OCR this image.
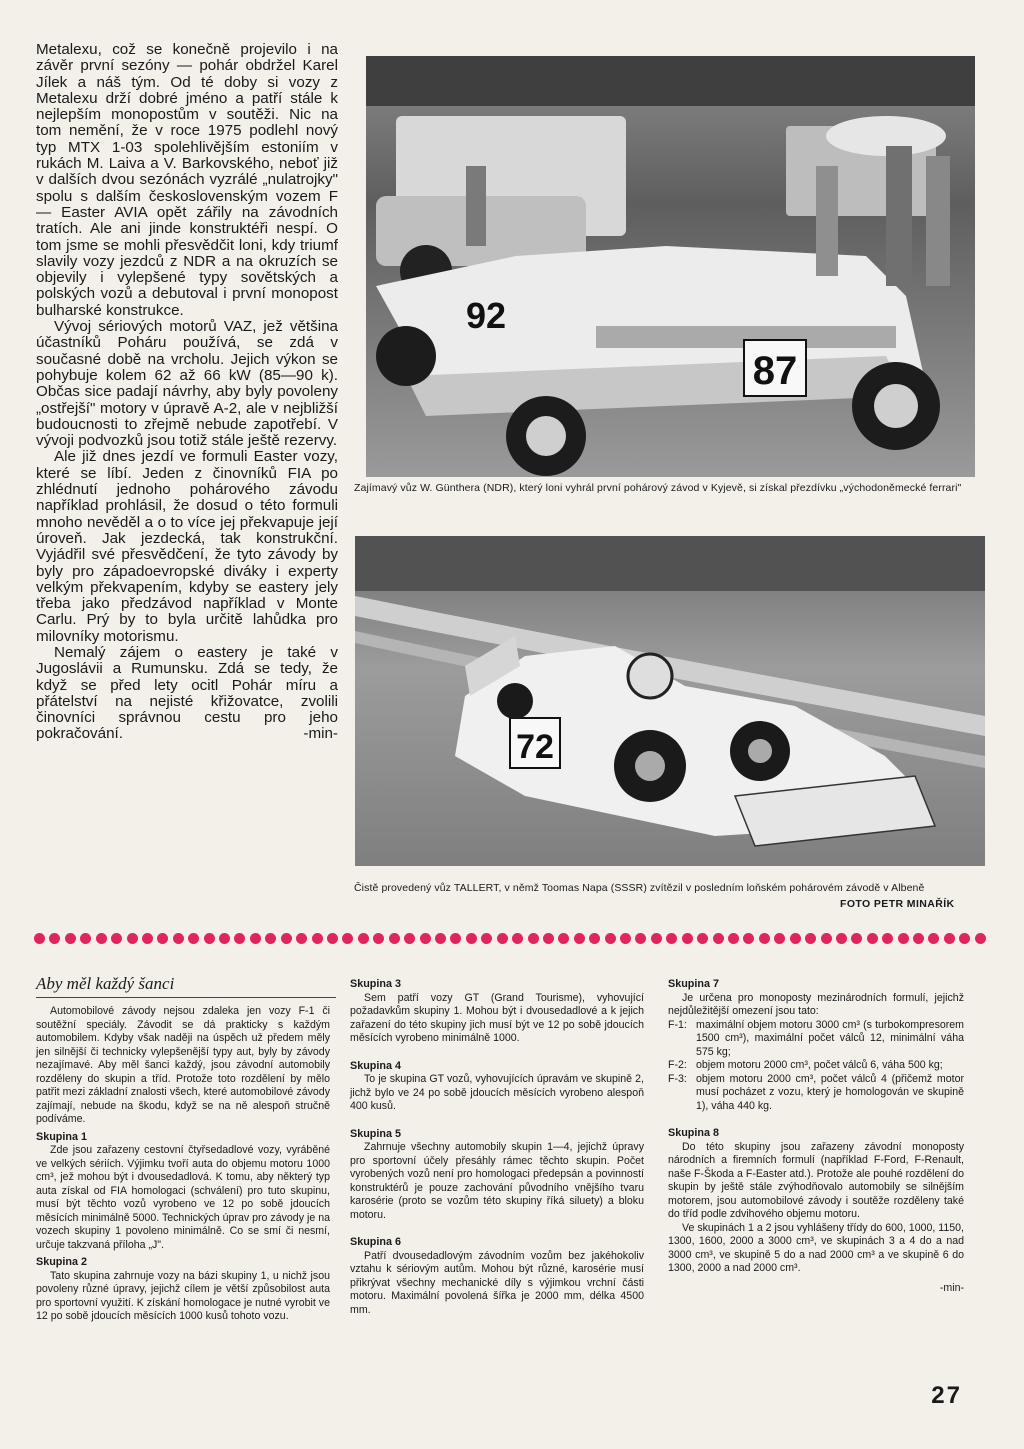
Metalexu, což se konečně projevilo i na závěr první sezóny — pohár obdržel Karel Jílek a náš tým. Od té doby si vozy z Metalexu drží dobré jméno a patří stále k nejlepším monopostům v soutěži. Nic na tom nemění, že v roce 1975 podlehl nový typ MTX 1-03 spolehlivějším estoniím v rukách M. Laiva a V. Barkovského, neboť již v dalších dvou sezónách vyzrálé „nulatrojky" spolu s dalším československým vozem F — Easter AVIA opět zářily na závodních tratích. Ale ani jinde konstruktéři nespí. O tom jsme se mohli přesvědčit loni, kdy triumf slavily vozy jezdců z NDR a na okruzích se objevily i vylepšené typy sovětských a polských vozů a debutoval i první monopost bulharské konstrukce.

Vývoj sériových motorů VAZ, jež většina účastníků Poháru používá, se zdá v současné době na vrcholu. Jejich výkon se pohybuje kolem 62 až 66 kW (85—90 k). Občas sice padají návrhy, aby byly povoleny „ostřejší" motory v úpravě A-2, ale v nejbližší budoucnosti to zřejmě nebude zapotřebí. V vývoji podvozků jsou totiž stále ještě rezervy.

Ale již dnes jezdí ve formuli Easter vozy, které se líbí. Jeden z činovníků FIA po zhlédnutí jednoho pohárového závodu například prohlásil, že dosud o této formuli mnoho nevěděl a o to více jej překvapuje její úroveň. Jak jezdecká, tak konstrukční. Vyjádřil své přesvědčení, že tyto závody by byly pro západoevropské diváky i experty velkým překvapením, kdyby se eastery jely třeba jako předzávod například v Monte Carlu. Prý by to byla určitě lahůdka pro milovníky motorismu.

Nemalý zájem o eastery je také v Jugoslávii a Rumunsku. Zdá se tedy, že když se před lety ocitl Pohár míru a přátelství na nejisté křižovatce, zvolili činovníci správnou cestu pro jeho pokračování.	-min-

87
92
Zajímavý vůz W. Günthera (NDR), který loni vyhrál první pohárový závod v Kyjevě, si získal přezdívku „východoněmecké ferrari"
72
Čistě provedený vůz TALLERT, v němž Toomas Napa (SSSR) zvítězil v posledním loňském pohárovém závodě v Albeně
FOTO PETR MINAŘÍK
Aby měl každý šanci

Automobilové závody nejsou zdaleka jen vozy F-1 či soutěžní speciály. Závodit se dá prakticky s každým automobilem. Kdyby však naději na úspěch už předem měly jen silnější či technicky vylepšenější typy aut, byly by závody nezajímavé. Aby měl šanci každý, jsou závodní automobily rozděleny do skupin a tříd. Protože toto rozdělení by mělo patřit mezi základní znalosti všech, které automobilové závody zajímají, nebude na škodu, když se na ně alespoň stručně podíváme.

Skupina 1

Zde jsou zařazeny cestovní čtyřsedadlové vozy, vyráběné ve velkých sériích. Výjimku tvoří auta do objemu motoru 1000 cm³, jež mohou být i dvousedadlová. K tomu, aby některý typ auta získal od FIA homologaci (schválení) pro tuto skupinu, musí být těchto vozů vyrobeno ve 12 po sobě jdoucích měsících minimálně 5000. Technických úprav pro závody je na vozech skupiny 1 povoleno minimálně. Co se smí či nesmí, určuje takzvaná příloha „J".

Skupina 2

Tato skupina zahrnuje vozy na bázi skupiny 1, u nichž jsou povoleny různé úpravy, jejichž cílem je větší způsobilost auta pro sportovní využití. K získání homologace je nutné vyrobit ve 12 po sobě jdoucích měsících 1000 kusů tohoto vozu.

Skupina 3

Sem patří vozy GT (Grand Tourisme), vyhovující požadavkům skupiny 1. Mohou být i dvousedadlové a k jejich zařazení do této skupiny jich musí být ve 12 po sobě jdoucích měsících vyrobeno minimálně 1000.

Skupina 4

To je skupina GT vozů, vyhovujících úpravám ve skupině 2, jichž bylo ve 24 po sobě jdoucích měsících vyrobeno alespoň 400 kusů.

Skupina 5

Zahrnuje všechny automobily skupin 1—4, jejichž úpravy pro sportovní účely přesáhly rámec těchto skupin. Počet vyrobených vozů není pro homologaci předepsán a povinností konstruktérů je pouze zachování původního vnějšího tvaru karosérie (proto se vozům této skupiny říká siluety) a bloku motoru.

Skupina 6

Patří dvousedadlovým závodním vozům bez jakéhokoliv vztahu k sériovým autům. Mohou být různé, karosérie musí přikrývat všechny mechanické díly s výjimkou vrchní části motoru. Maximální povolená šířka je 2000 mm, délka 4500 mm.

Skupina 7

Je určena pro monoposty mezinárodních formulí, jejichž nejdůležitější omezení jsou tato:

F-1: maximální objem motoru 3000 cm³ (s turbokompresorem 1500 cm³), maximální počet válců 12, minimální váha 575 kg;
F-2: objem motoru 2000 cm³, počet válců 6, váha 500 kg;
F-3: objem motoru 2000 cm³, počet válců 4 (přičemž motor musí pocházet z vozu, který je homologován ve skupině 1), váha 440 kg.
Skupina 8

Do této skupiny jsou zařazeny závodní monoposty národních a firemních formulí (například F-Ford, F-Renault, naše F-Škoda a F-Easter atd.). Protože ale pouhé rozdělení do skupin by ještě stále zvýhodňovalo automobily se silnějším motorem, jsou automobilové závody i soutěže rozděleny také do tříd podle zdvihového objemu motoru.

Ve skupinách 1 a 2 jsou vyhlášeny třídy do 600, 1000, 1150, 1300, 1600, 2000 a 3000 cm³, ve skupinách 3 a 4 do a nad 3000 cm³, ve skupině 5 do a nad 2000 cm³ a ve skupině 6 do 1300, 2000 a nad 2000 cm³.

-min-
27
